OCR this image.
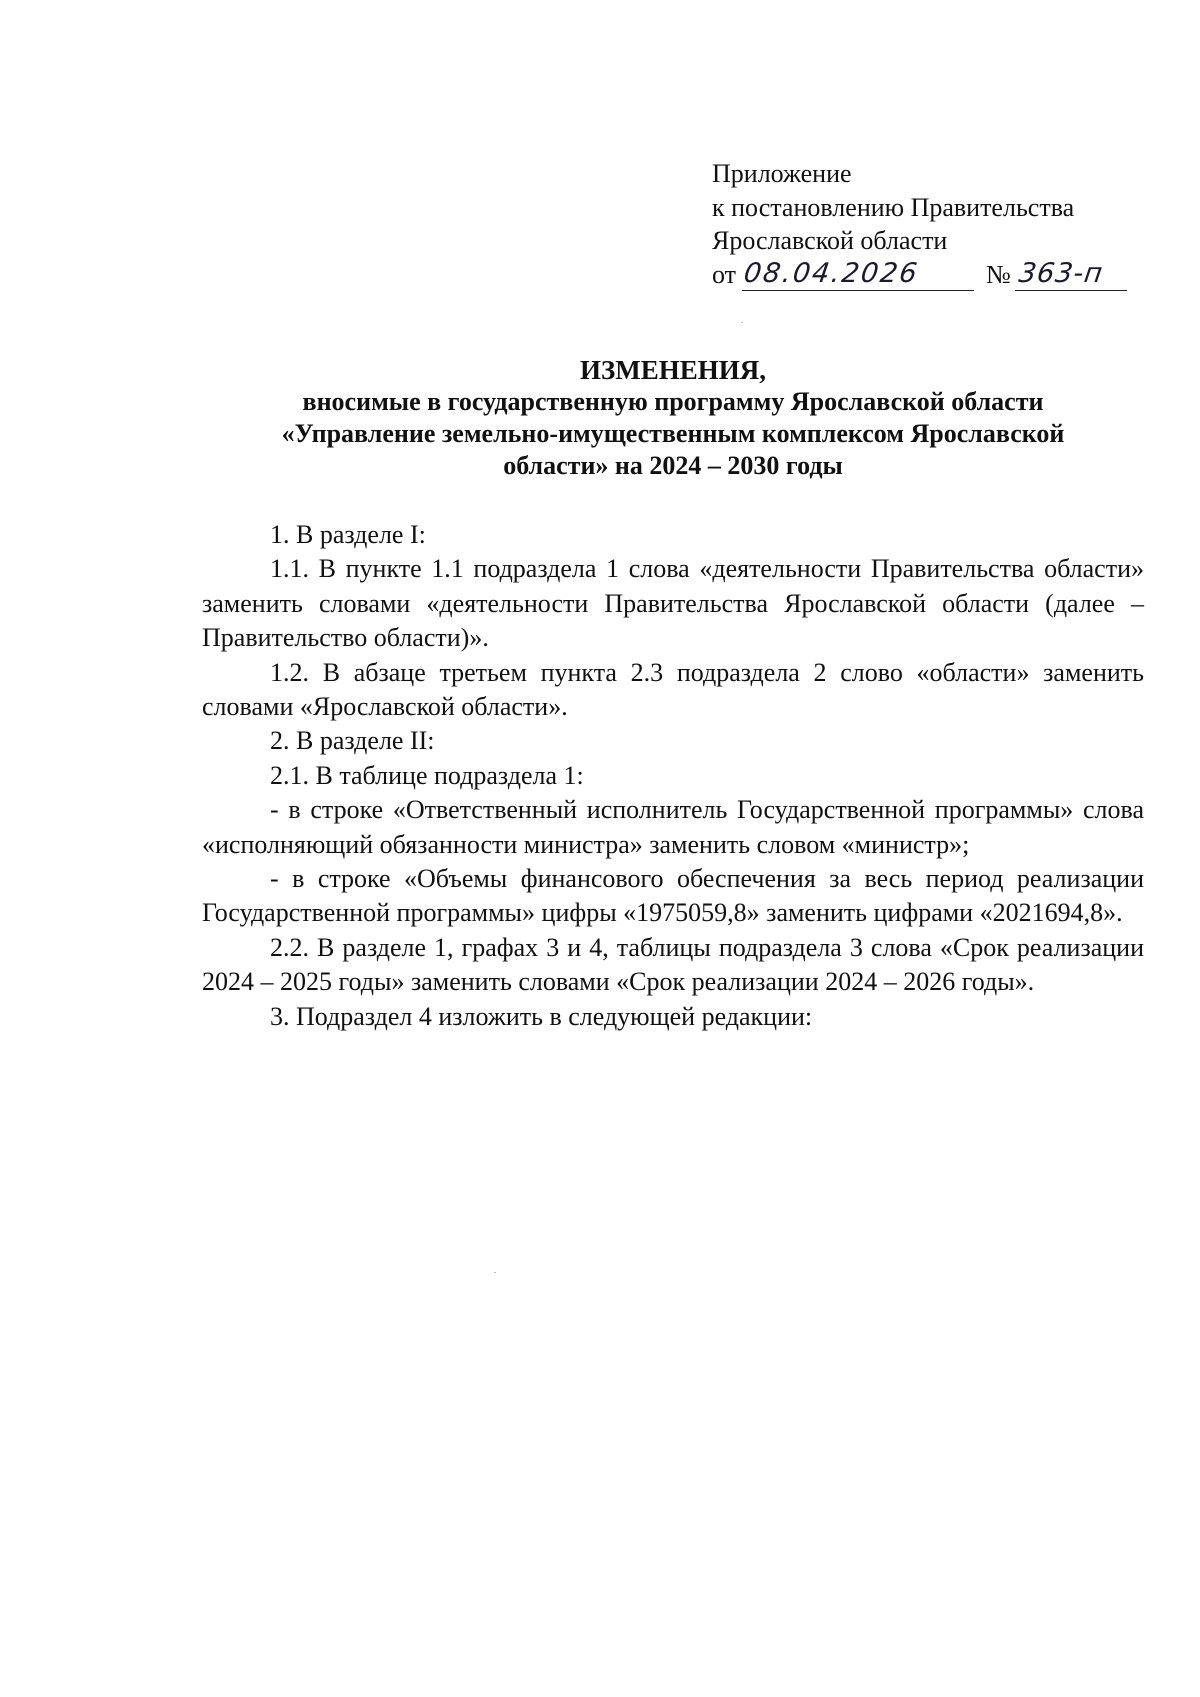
Приложение
к постановлению Правительства
Ярославской области
от 08.04.2026	№ 363-п
ИЗМЕНЕНИЯ,
вносимые в государственную программу Ярославской области
«Управление земельно-имущественным комплексом Ярославской
области» на 2024 – 2030 годы

1. В разделе I:

1.1. В пункте 1.1 подраздела 1 слова «деятельности Правительства области» заменить словами «деятельности Правительства Ярославской области (далее – Правительство области)».

1.2. В абзаце третьем пункта 2.3 подраздела 2 слово «области» заменить словами «Ярославской области».

2. В разделе II:

2.1. В таблице подраздела 1:

- в строке «Ответственный исполнитель Государственной программы» слова «исполняющий обязанности министра» заменить словом «министр»;

- в строке «Объемы финансового обеспечения за весь период реализации Государственной программы» цифры «1975059,8» заменить цифрами «2021694,8».

2.2. В разделе 1, графах 3 и 4, таблицы подраздела 3 слова «Срок реализации 2024 – 2025 годы» заменить словами «Срок реализации 2024 – 2026 годы».

3. Подраздел 4 изложить в следующей редакции:
